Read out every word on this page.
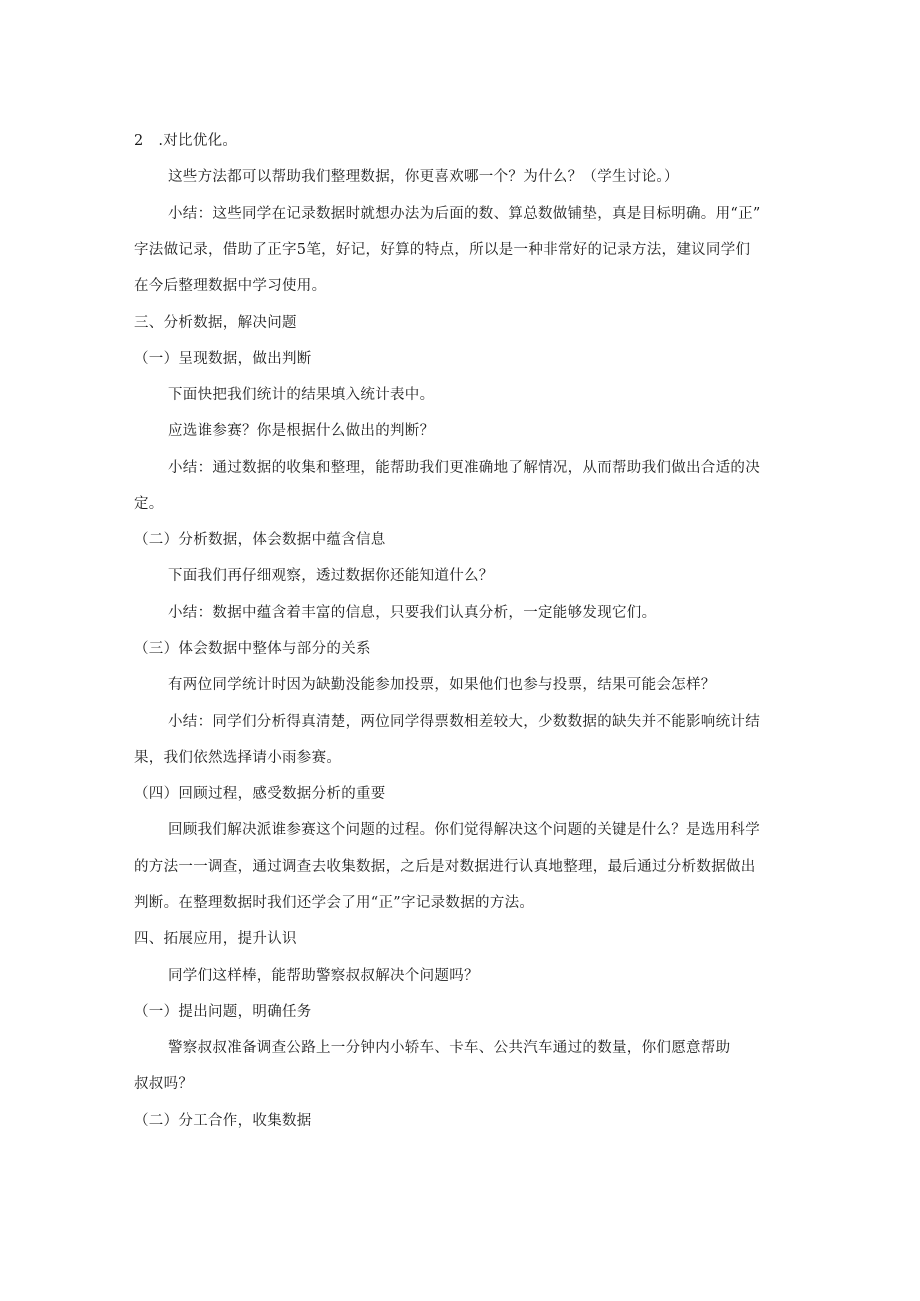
2　.对比优化。
这些方法都可以帮助我们整理数据，你更喜欢哪一个？为什么？（学生讨论。）
小结：这些同学在记录数据时就想办法为后面的数、算总数做铺垫，真是目标明确。用“正”
字法做记录，借助了正字5笔，好记，好算的特点，所以是一种非常好的记录方法，建议同学们
在今后整理数据中学习使用。
三、分析数据，解决问题
（一）呈现数据，做出判断
下面快把我们统计的结果填入统计表中。
应选谁参赛？你是根据什么做出的判断？
小结：通过数据的收集和整理，能帮助我们更准确地了解情况，从而帮助我们做出合适的决
定。
（二）分析数据，体会数据中蕴含信息
下面我们再仔细观察，透过数据你还能知道什么？
小结：数据中蕴含着丰富的信息，只要我们认真分析，一定能够发现它们。
（三）体会数据中整体与部分的关系
有两位同学统计时因为缺勤没能参加投票，如果他们也参与投票，结果可能会怎样？
小结：同学们分析得真清楚，两位同学得票数相差较大，少数数据的缺失并不能影响统计结
果，我们依然选择请小雨参赛。
（四）回顾过程，感受数据分析的重要
回顾我们解决派谁参赛这个问题的过程。你们觉得解决这个问题的关键是什么？是选用科学
的方法一一调查，通过调查去收集数据，之后是对数据进行认真地整理，最后通过分析数据做出
判断。在整理数据时我们还学会了用“正”字记录数据的方法。
四、拓展应用，提升认识
同学们这样棒，能帮助警察叔叔解决个问题吗？
（一）提出问题，明确任务
警察叔叔准备调查公路上一分钟内小轿车、卡车、公共汽车通过的数量，你们愿意帮助
叔叔吗？
（二）分工合作，收集数据
